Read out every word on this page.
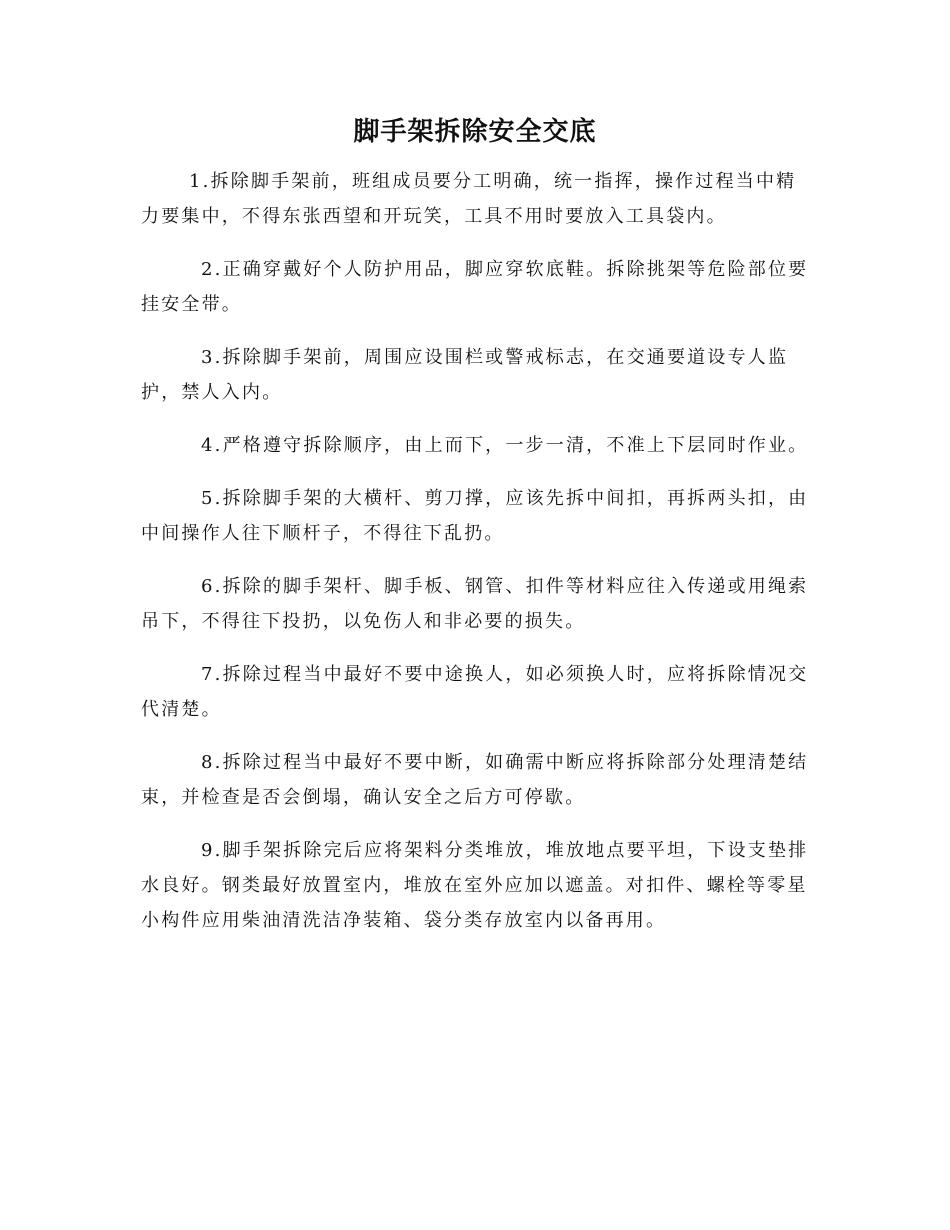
脚手架拆除安全交底

1.拆除脚手架前，班组成员要分工明确，统一指挥，操作过程当中精力要集中，不得东张西望和开玩笑，工具不用时要放入工具袋内。

2.正确穿戴好个人防护用品，脚应穿软底鞋。拆除挑架等危险部位要挂安全带。

3.拆除脚手架前，周围应设围栏或警戒标志，在交通要道设专人监护，禁人入内。

4.严格遵守拆除顺序，由上而下，一步一清，不准上下层同时作业。

5.拆除脚手架的大横杆、剪刀撑，应该先拆中间扣，再拆两头扣，由中间操作人往下顺杆子，不得往下乱扔。

6.拆除的脚手架杆、脚手板、钢管、扣件等材料应往入传递或用绳索吊下，不得往下投扔，以免伤人和非必要的损失。

7.拆除过程当中最好不要中途换人，如必须换人时，应将拆除情况交代清楚。

8.拆除过程当中最好不要中断，如确需中断应将拆除部分处理清楚结束，并检查是否会倒塌，确认安全之后方可停歇。

9.脚手架拆除完后应将架料分类堆放，堆放地点要平坦，下设支垫排水良好。钢类最好放置室内，堆放在室外应加以遮盖。对扣件、螺栓等零星小构件应用柴油清洗洁净装箱、袋分类存放室内以备再用。
